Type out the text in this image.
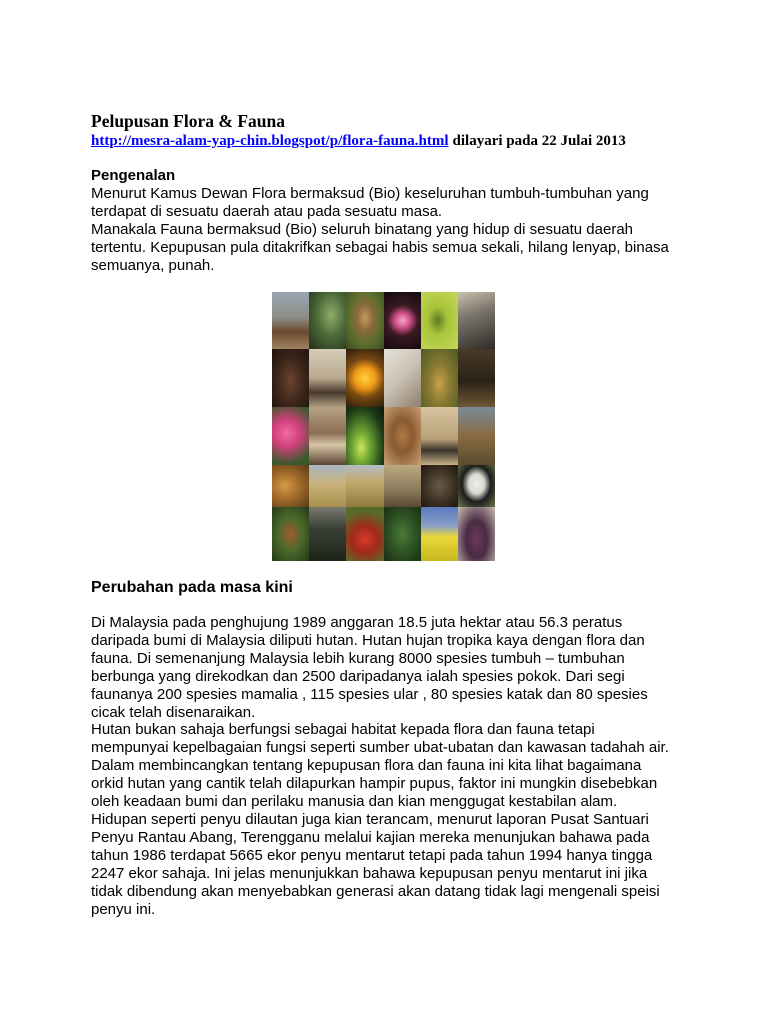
Pelupusan Flora & Fauna
http://mesra-alam-yap-chin.blogspot/p/flora-fauna.html dilayari pada 22 Julai 2013
Pengenalan
Menurut Kamus Dewan Flora bermaksud (Bio) keseluruhan tumbuh-tumbuhan yang
terdapat di sesuatu daerah atau pada sesuatu masa.
Manakala Fauna bermaksud (Bio) seluruh binatang yang hidup di sesuatu daerah
tertentu. Kepupusan pula ditakrifkan sebagai habis semua sekali, hilang lenyap, binasa
semuanya, punah.
Perubahan pada masa kini
Di Malaysia pada penghujung 1989 anggaran 18.5 juta hektar atau 56.3 peratus
daripada bumi di Malaysia diliputi hutan. Hutan hujan tropika kaya dengan flora dan
fauna. Di semenanjung Malaysia lebih kurang 8000 spesies tumbuh – tumbuhan
berbunga yang direkodkan dan 2500 daripadanya ialah spesies pokok. Dari segi
faunanya 200 spesies mamalia , 115 spesies ular , 80 spesies katak dan 80 spesies
cicak telah disenaraikan.
Hutan bukan sahaja berfungsi sebagai habitat kepada flora dan fauna tetapi
mempunyai kepelbagaian fungsi seperti sumber ubat-ubatan dan kawasan tadahah air.
Dalam membincangkan tentang kepupusan flora dan fauna ini kita lihat bagaimana
orkid hutan yang cantik telah dilapurkan hampir pupus, faktor ini mungkin disebebkan
oleh keadaan bumi dan perilaku manusia dan kian menggugat kestabilan alam.
Hidupan seperti penyu dilautan juga kian terancam, menurut laporan Pusat Santuari
Penyu Rantau Abang, Terengganu melalui kajian mereka menunjukan bahawa pada
tahun 1986 terdapat 5665 ekor penyu mentarut tetapi pada tahun 1994 hanya tingga
2247 ekor sahaja. Ini jelas menunjukkan bahawa kepupusan penyu mentarut ini jika
tidak dibendung akan menyebabkan generasi akan datang tidak lagi mengenali speisi
penyu ini.
